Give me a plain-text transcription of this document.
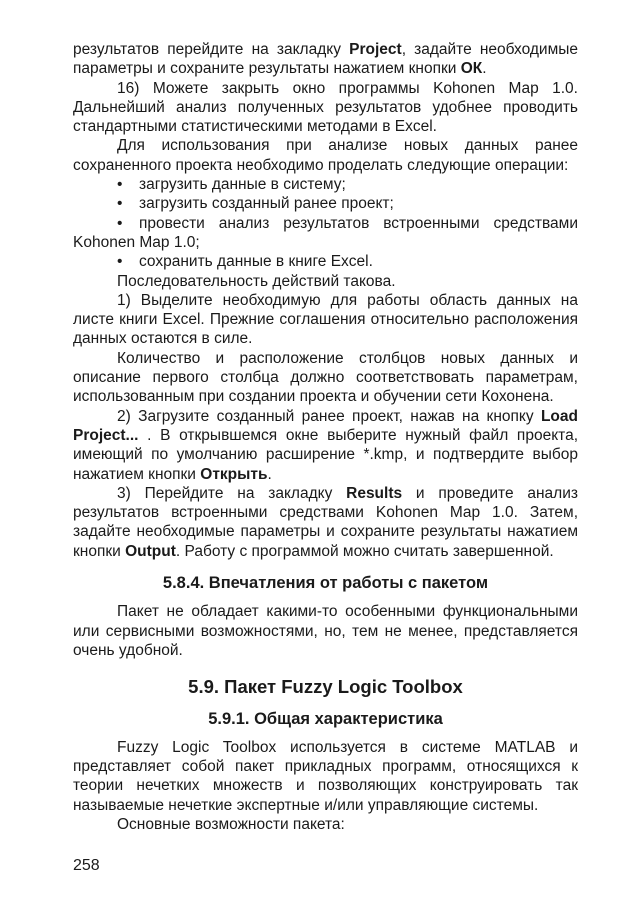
результатов перейдите на закладку Project, задайте необходимые параметры и сохраните результаты нажатием кнопки ОК.

16) Можете закрыть окно программы Kohonen Map 1.0. Дальнейший анализ полученных результатов удобнее проводить стандартными статистическими методами в Excel.

Для использования при анализе новых данных ранее сохраненного проекта необходимо проделать следующие операции:

• загрузить данные в систему;
• загрузить созданный ранее проект;
• провести анализ результатов встроенными средствами Kohonen Map 1.0;
• сохранить данные в книге Excel.

Последовательность действий такова.

1) Выделите необходимую для работы область данных на листе книги Excel. Прежние соглашения относительно расположения данных остаются в силе.

Количество и расположение столбцов новых данных и описание первого столбца должно соответствовать параметрам, использованным при создании проекта и обучении сети Кохонена.

2) Загрузите созданный ранее проект, нажав на кнопку Load Project... . В открывшемся окне выберите нужный файл проекта, имеющий по умолчанию расширение *.kmp, и подтвердите выбор нажатием кнопки Открыть.

3) Перейдите на закладку Results и проведите анализ результатов встроенными средствами Kohonen Map 1.0. Затем, задайте необходимые параметры и сохраните результаты нажатием кнопки Output. Работу с программой можно считать завершенной.

5.8.4. Впечатления от работы с пакетом

Пакет не обладает какими-то особенными функциональными или сервисными возможностями, но, тем не менее, представляется очень удобной.

5.9. Пакет Fuzzy Logic Toolbox
5.9.1. Общая характеристика

Fuzzy Logic Toolbox используется в системе MATLAB и представляет собой пакет прикладных программ, относящихся к теории нечетких множеств и позволяющих конструировать так называемые нечеткие экспертные и/или управляющие системы.

Основные возможности пакета:

258
